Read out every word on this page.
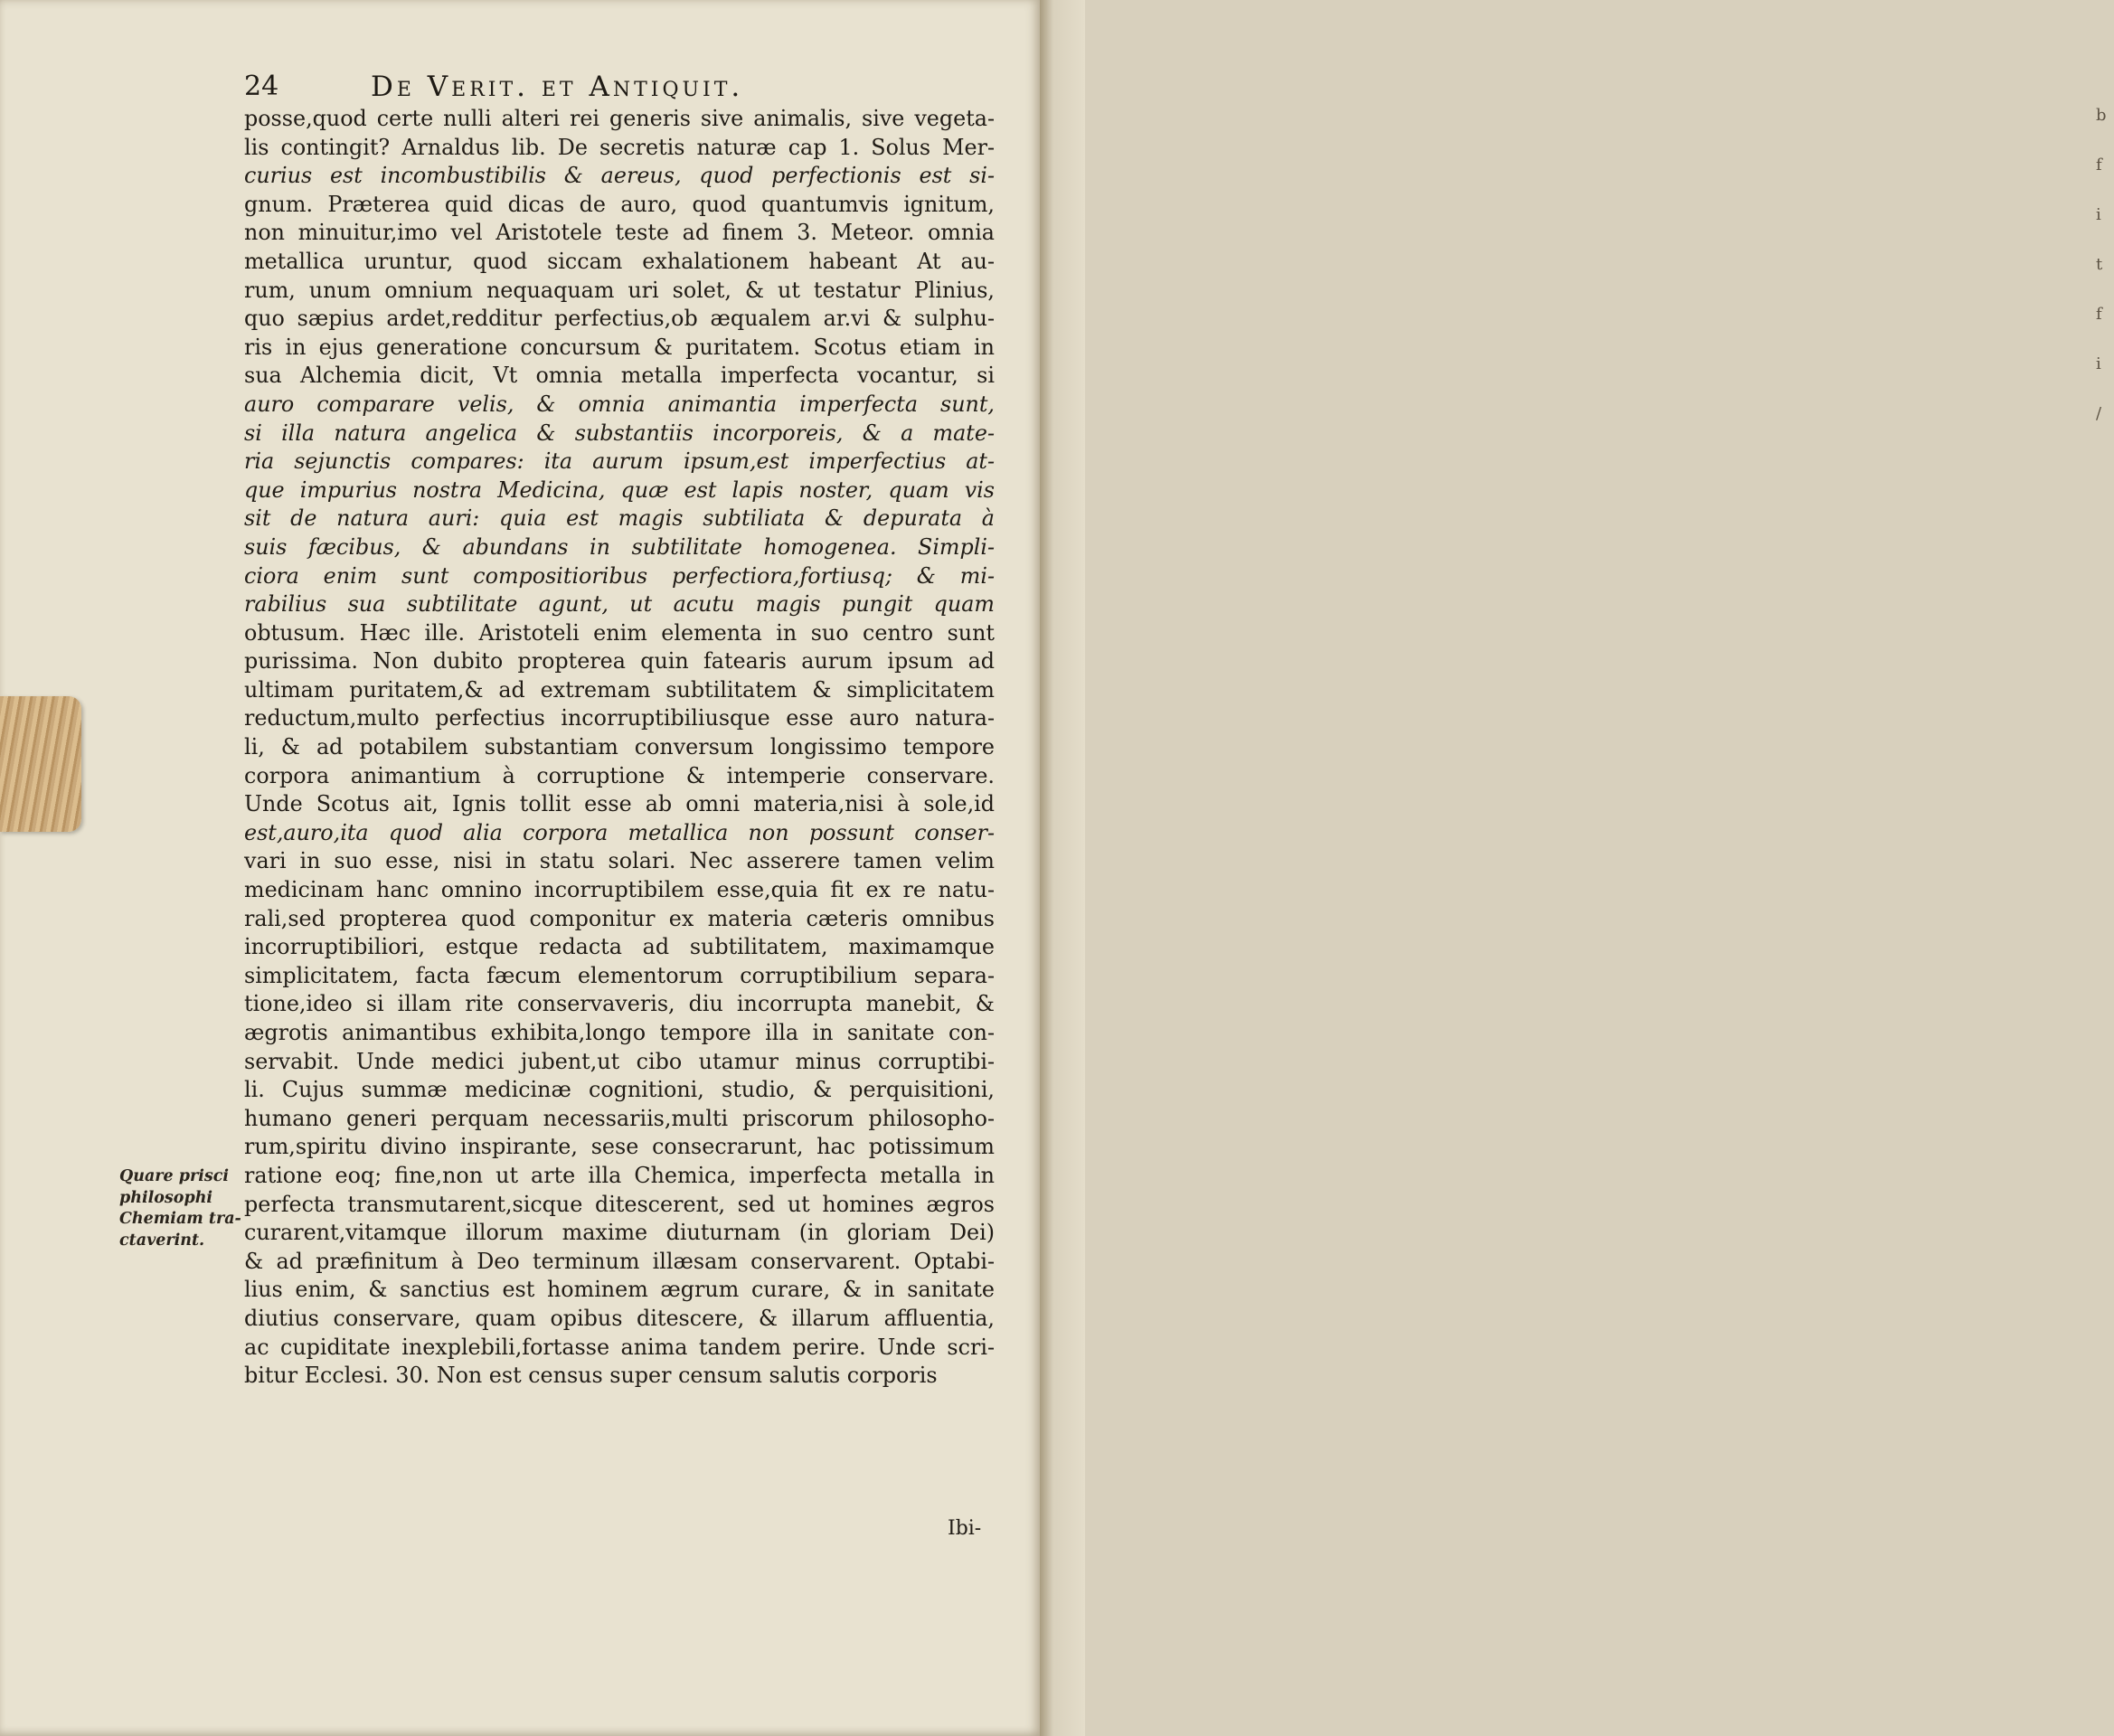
24	De Verit. et Antiquit.
posse,quod certe nulli alteri rei generis sive animalis, sive vegeta-
lis contingit? Arnaldus lib. De secretis naturæ cap 1. Solus Mer-
curius est incombustibilis & aereus, quod perfectionis est si-
gnum. Præterea quid dicas de auro, quod quantumvis ignitum,
non minuitur,imo vel Aristotele teste ad finem 3. Meteor. omnia
metallica uruntur, quod siccam exhalationem habeant At au-
rum, unum omnium nequaquam uri solet, & ut testatur Plinius,
quo sæpius ardet,redditur perfectius,ob æqualem ar.vi & sulphu-
ris in ejus generatione concursum & puritatem. Scotus etiam in
sua Alchemia dicit, Vt omnia metalla imperfecta vocantur, si
auro comparare velis, & omnia animantia imperfecta sunt,
si illa natura angelica & substantiis incorporeis, & a mate-
ria sejunctis compares: ita aurum ipsum,est imperfectius at-
que impurius nostra Medicina, quæ est lapis noster, quam vis
sit de natura auri: quia est magis subtiliata & depurata à
suis fæcibus, & abundans in subtilitate homogenea. Simpli-
ciora enim sunt compositioribus perfectiora,fortiusq; & mi-
rabilius sua subtilitate agunt, ut acutu magis pungit quam
obtusum. Hæc ille. Aristoteli enim elementa in suo centro sunt
purissima. Non dubito propterea quin fatearis aurum ipsum ad
ultimam puritatem,& ad extremam subtilitatem & simplicitatem
reductum,multo perfectius incorruptibiliusque esse auro natura-
li, & ad potabilem substantiam conversum longissimo tempore
corpora animantium à corruptione & intemperie conservare.
Unde Scotus ait, Ignis tollit esse ab omni materia,nisi à sole,id
est,auro,ita quod alia corpora metallica non possunt conser-
vari in suo esse, nisi in statu solari. Nec asserere tamen velim
medicinam hanc omnino incorruptibilem esse,quia fit ex re natu-
rali,sed propterea quod componitur ex materia cæteris omnibus
incorruptibiliori, estque redacta ad subtilitatem, maximamque
simplicitatem, facta fæcum elementorum corruptibilium separa-
tione,ideo si illam rite conservaveris, diu incorrupta manebit, &
ægrotis animantibus exhibita,longo tempore illa in sanitate con-
servabit. Unde medici jubent,ut cibo utamur minus corruptibi-
li. Cujus summæ medicinæ cognitioni, studio, & perquisitioni,
humano generi perquam necessariis,multi priscorum philosopho-
rum,spiritu divino inspirante, sese consecrarunt, hac potissimum
ratione eoq; fine,non ut arte illa Chemica, imperfecta metalla in
perfecta transmutarent,sicque ditescerent, sed ut homines ægros
curarent,vitamque illorum maxime diuturnam (in gloriam Dei)
& ad præfinitum à Deo terminum illæsam conservarent. Optabi-
lius enim, & sanctius est hominem ægrum curare, & in sanitate
diutius conservare, quam opibus ditescere, & illarum affluentia,
ac cupiditate inexplebili,fortasse anima tandem perire. Unde scri-
bitur Ecclesi. 30. Non est census super censum salutis corporis
Quare prisci
philosophi
Chemiam tra-
ctaverint.
Ibi-
b
f
i
t
f
i
/
